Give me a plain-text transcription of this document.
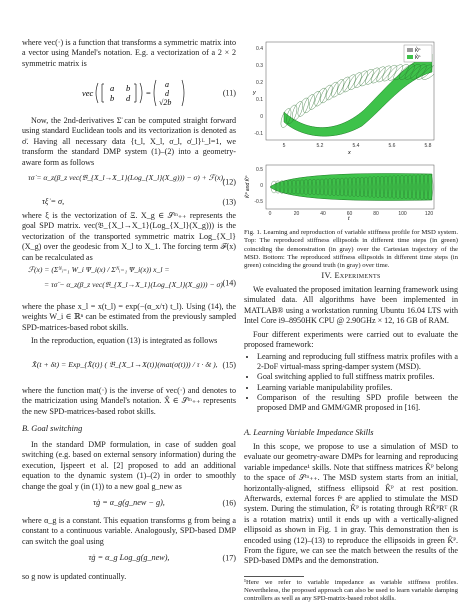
where vec(·) is a function that transforms a symmetric matrix into a vector using Mandel's notation. E.g. a vectorization of a 2 × 2 symmetric matrix is

vec a b
b d =
a
d
√2b
(11)

Now, the 2nd-derivatives Σ̈ can be computed straight forward using standard Euclidean tools and its vectorization is denoted as σ̈. Having all necessary data {t_l, X_l, σ_l, σ̇_l}ᴸ_l=1, we transform the standard DMP system (1)–(2) into a geometry-aware form as follows

τσ̇ = α_z(β_z vec(𝔅_{X_l→X_1}(Log_{X_l}(X_g))) − σ) + ℱ(x),
(12)
τξ̇ = σ,	(13)

where ξ is the vectorization of Ξ. X_g ∈ 𝒮ᵐ₊₊ represents the goal SPD matrix. vec(𝔅_{X_l→X_1}(Log_{X_l}(X_g))) is the vectorization of the transported symmetric matrix Log_{X_l}(X_g) over the geodesic from X_l to X_1. The forcing term ℱ(x) can be recalculated as

ℱ(x) = (Σᴺᵢ₌₁ W_i Ψ_i(x) / Σᴺᵢ₌₁ Ψ_i(x)) x_l =
= τσ̈ − α_z(β_z vec(𝔅_{X_l→X_1}(Log_{X_l}(X_g))) − σ) (14)

where the phase x_l = x(t_l) = exp(−(α_x/τ) t_l). Using (14), the weights W_i ∈ ℝⁿ can be estimated from the previously sampled SPD-matrices-based robot skills.

In the reproduction, equation (13) is integrated as follows

X̂(t + δt) = Exp_{X̂(t)} ( 𝔅_{X_1→X(t)}(mat(σ(t))) / τ · δt ), (15)

where the function mat(·) is the inverse of vec(·) and denotes to the matricization using Mandel's notation. X̂ ∈ 𝒮ᵐ₊₊ represents the new SPD-matrices-based robot skills.

B. Goal switching

In the standard DMP formulation, in case of sudden goal switching (e.g. based on external sensory information) during the execution, Ijspeert et al. [2] proposed to add an additional equation to the dynamic system (1)–(2) in order to smoothly change the goal y (in (1)) to a new goal g_new as

τġ = α_g(g_new − g),	(16)

where α_g is a constant. This equation transforms g from being a constant to a continuous variable. Analogously, SPD-based DMP can switch the goal using

τġ = α_g Log_g(g_new),	(17)

so g now is updated continually.

K̂ᴾ
K̂ᴾ
0.4
0.3
0.2
0.1
0
-0.1
5	5.2	5.4	5.6	5.8
y
x
0.5
0
-0.5
0	20	40	60	80	100	120
K̂ᴾ and K̂ᴾ
t

Fig. 1. Learning and reproduction of variable stiffness profile for MSD system. Top: The reproduced stiffness ellipsoids in different time steps (in green) coinciding the demonstration (in gray) over the Cartesian trajectory of the MSD. Bottom: The reproduced stiffness ellipsoids in different time steps (in green) coinciding the ground truth (in gray) over time.

IV. Experiments

We evaluated the proposed imitation learning framework using simulated data. All algorithms have been implemented in MATLAB® using a workstation running Ubuntu 16.04 LTS with Intel Core i9–8950HK CPU @ 2.90GHz × 12, 16 GB of RAM.

Four different experiments were carried out to evaluate the proposed framework:

• Learning and reproducing full stiffness matrix profiles with a 2-DoF virtual-mass spring-damper system (MSD).
• Goal switching applied to full stiffness matrix profiles.
• Learning variable manipulability profiles.
• Comparison of the resulting SPD profile between the proposed DMP and GMM/GMR proposed in [16].
A. Learning Variable Impedance Skills

In this scope, we propose to use a simulation of MSD to evaluate our geometry-aware DMPs for learning and reproducing variable impedance¹ skills. Note that stiffness matrices K̂ᴾ belong to the space of 𝒮ᵐ₊₊. The MSD system starts from an initial, horizontally-aligned, stiffness ellipsoid K̂ᴾ at rest position. Afterwards, external forces fᵉ are applied to stimulate the MSD system. During the stimulation, K̂ᴾ is rotating through RK̂ᴾRᵀ (R is a rotation matrix) until it ends up with a vertically-aligned ellipsoid as shown in Fig. 1 in gray. This demonstration then is encoded using (12)–(13) to reproduce the ellipsoids in green K̂ᴾ. From the figure, we can see the match between the results of the SPD-based DMPs and the demonstration.

¹Here we refer to variable impedance as variable stiffness profiles. Nevertheless, the proposed approach can also be used to learn variable damping controllers as well as any SPD-matrix-based robot skills.
